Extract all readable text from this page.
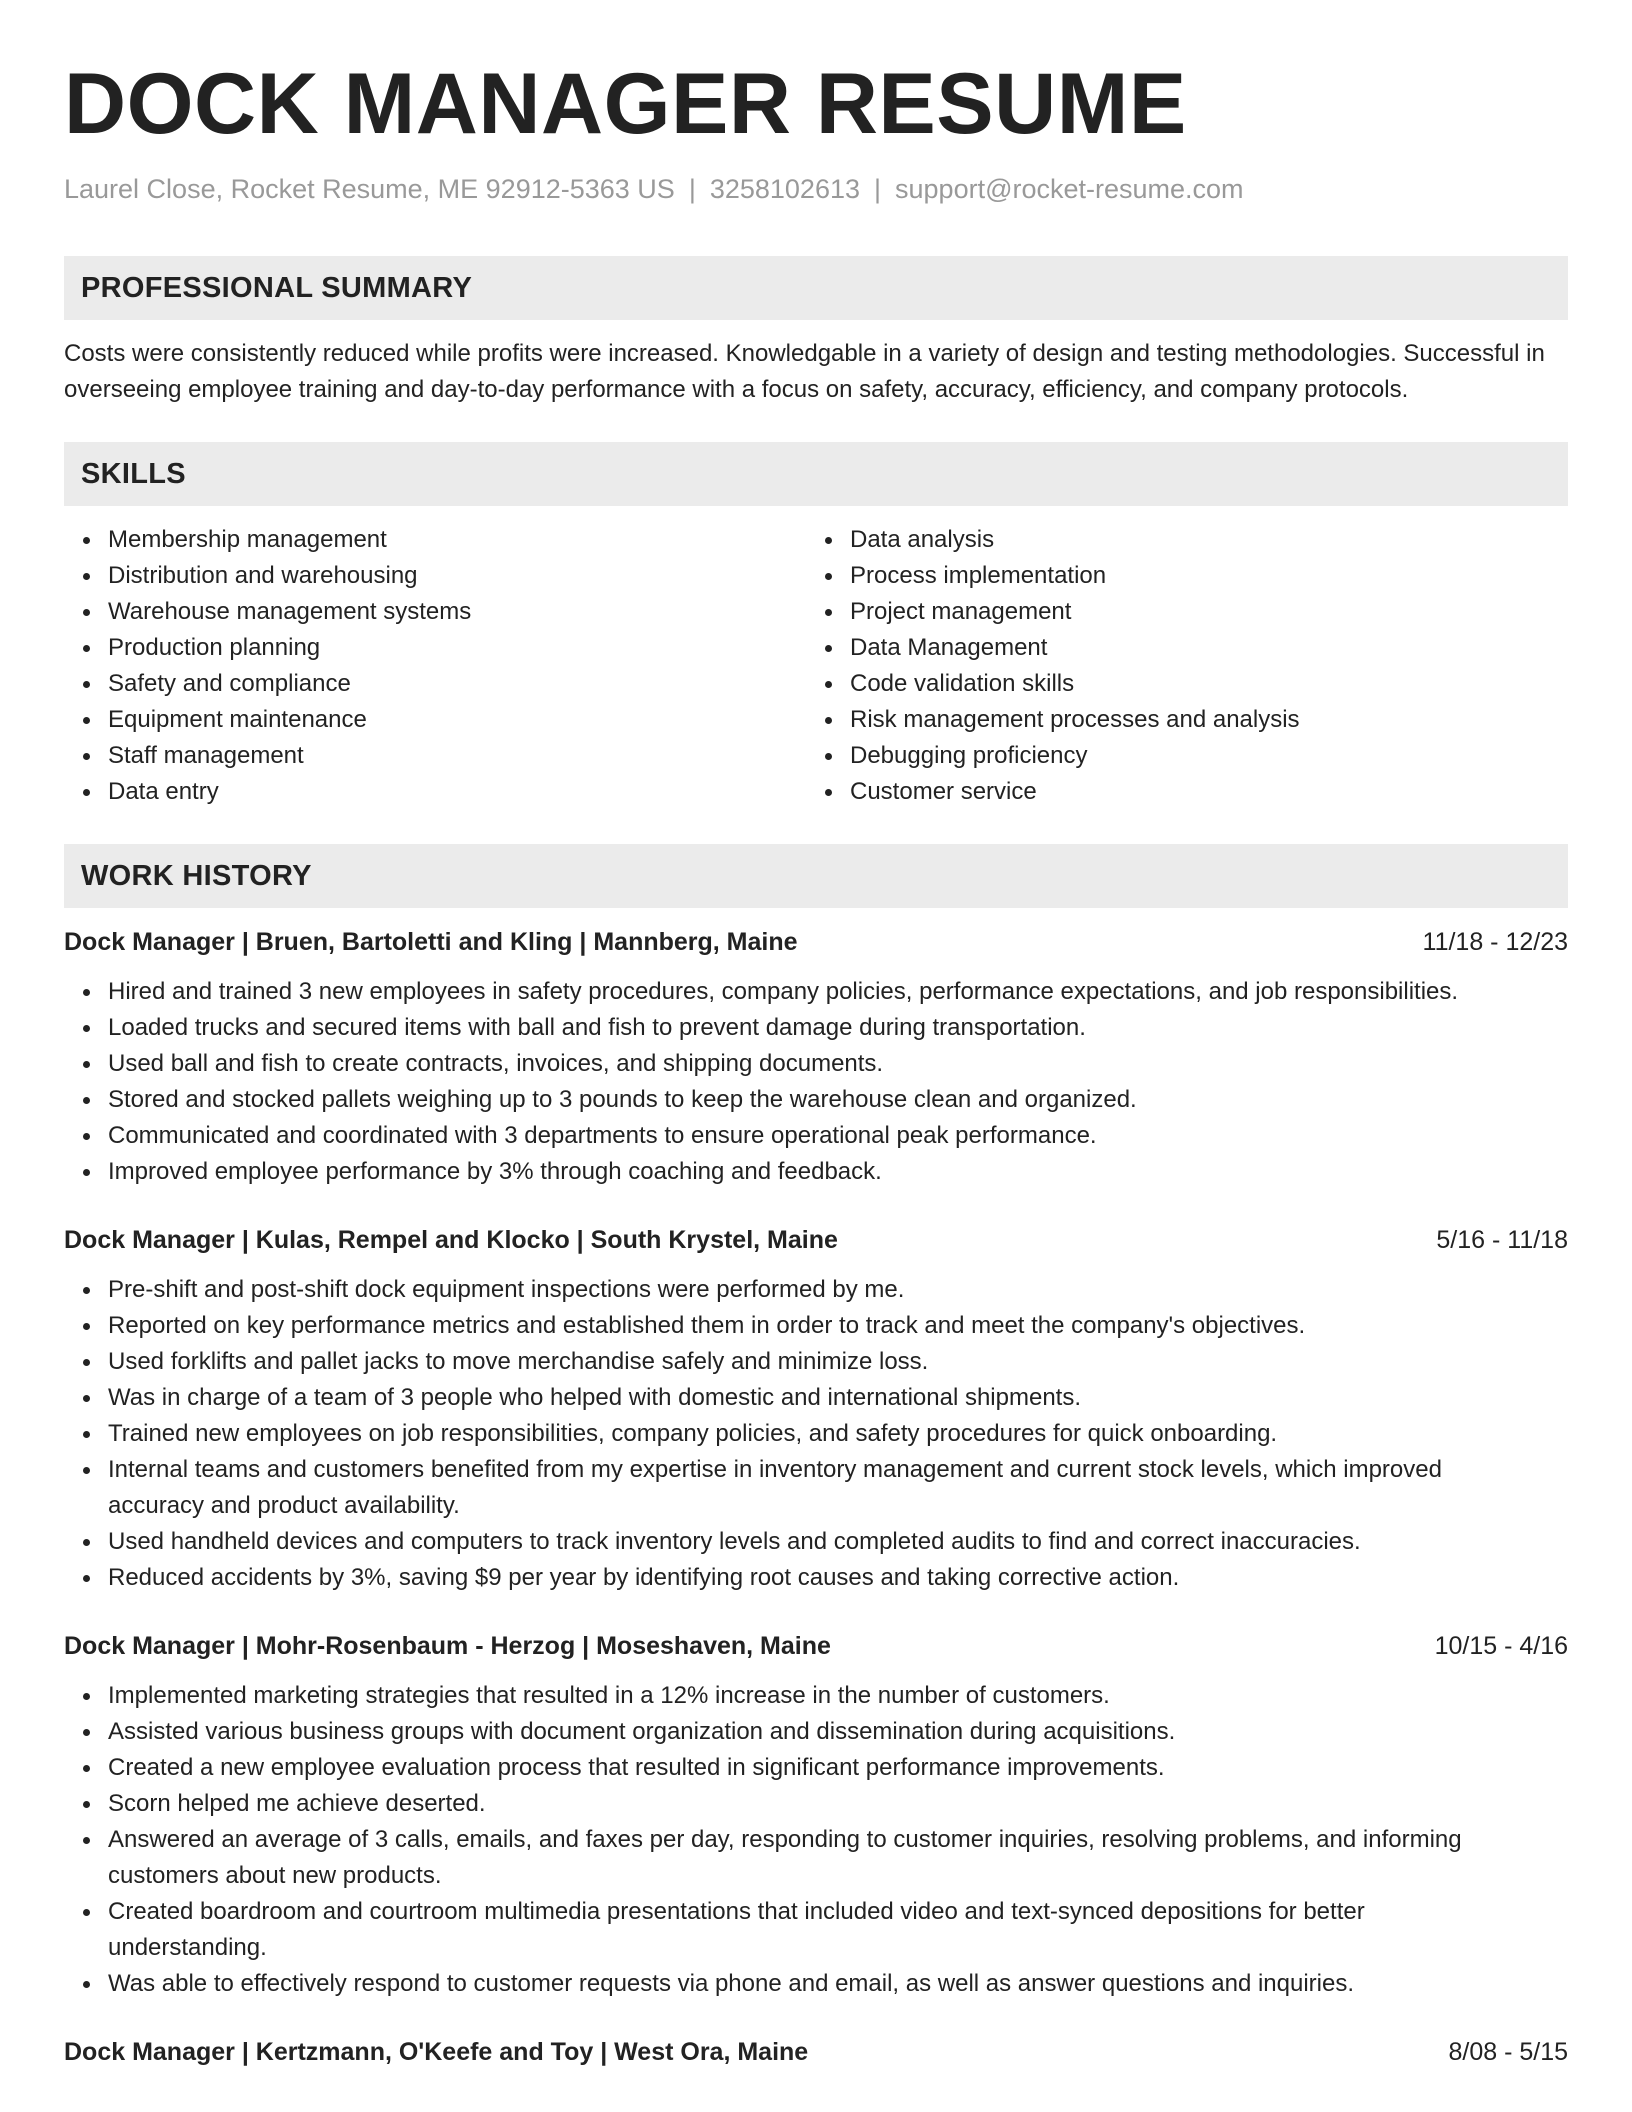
DOCK MANAGER RESUME
Laurel Close, Rocket Resume, ME 92912-5363 US | 3258102613 | support@rocket-resume.com
PROFESSIONAL SUMMARY
Costs were consistently reduced while profits were increased. Knowledgable in a variety of design and testing methodologies. Successful in overseeing employee training and day-to-day performance with a focus on safety, accuracy, efficiency, and company protocols.
SKILLS
Membership management
Distribution and warehousing
Warehouse management systems
Production planning
Safety and compliance
Equipment maintenance
Staff management
Data entry
Data analysis
Process implementation
Project management
Data Management
Code validation skills
Risk management processes and analysis
Debugging proficiency
Customer service
WORK HISTORY
Dock Manager | Bruen, Bartoletti and Kling | Mannberg, Maine	11/18 - 12/23
Hired and trained 3 new employees in safety procedures, company policies, performance expectations, and job responsibilities.
Loaded trucks and secured items with ball and fish to prevent damage during transportation.
Used ball and fish to create contracts, invoices, and shipping documents.
Stored and stocked pallets weighing up to 3 pounds to keep the warehouse clean and organized.
Communicated and coordinated with 3 departments to ensure operational peak performance.
Improved employee performance by 3% through coaching and feedback.
Dock Manager | Kulas, Rempel and Klocko | South Krystel, Maine	5/16 - 11/18
Pre-shift and post-shift dock equipment inspections were performed by me.
Reported on key performance metrics and established them in order to track and meet the company's objectives.
Used forklifts and pallet jacks to move merchandise safely and minimize loss.
Was in charge of a team of 3 people who helped with domestic and international shipments.
Trained new employees on job responsibilities, company policies, and safety procedures for quick onboarding.
Internal teams and customers benefited from my expertise in inventory management and current stock levels, which improved accuracy and product availability.
Used handheld devices and computers to track inventory levels and completed audits to find and correct inaccuracies.
Reduced accidents by 3%, saving $9 per year by identifying root causes and taking corrective action.
Dock Manager | Mohr-Rosenbaum - Herzog | Moseshaven, Maine	10/15 - 4/16
Implemented marketing strategies that resulted in a 12% increase in the number of customers.
Assisted various business groups with document organization and dissemination during acquisitions.
Created a new employee evaluation process that resulted in significant performance improvements.
Scorn helped me achieve deserted.
Answered an average of 3 calls, emails, and faxes per day, responding to customer inquiries, resolving problems, and informing customers about new products.
Created boardroom and courtroom multimedia presentations that included video and text-synced depositions for better understanding.
Was able to effectively respond to customer requests via phone and email, as well as answer questions and inquiries.
Dock Manager | Kertzmann, O'Keefe and Toy | West Ora, Maine	8/08 - 5/15
